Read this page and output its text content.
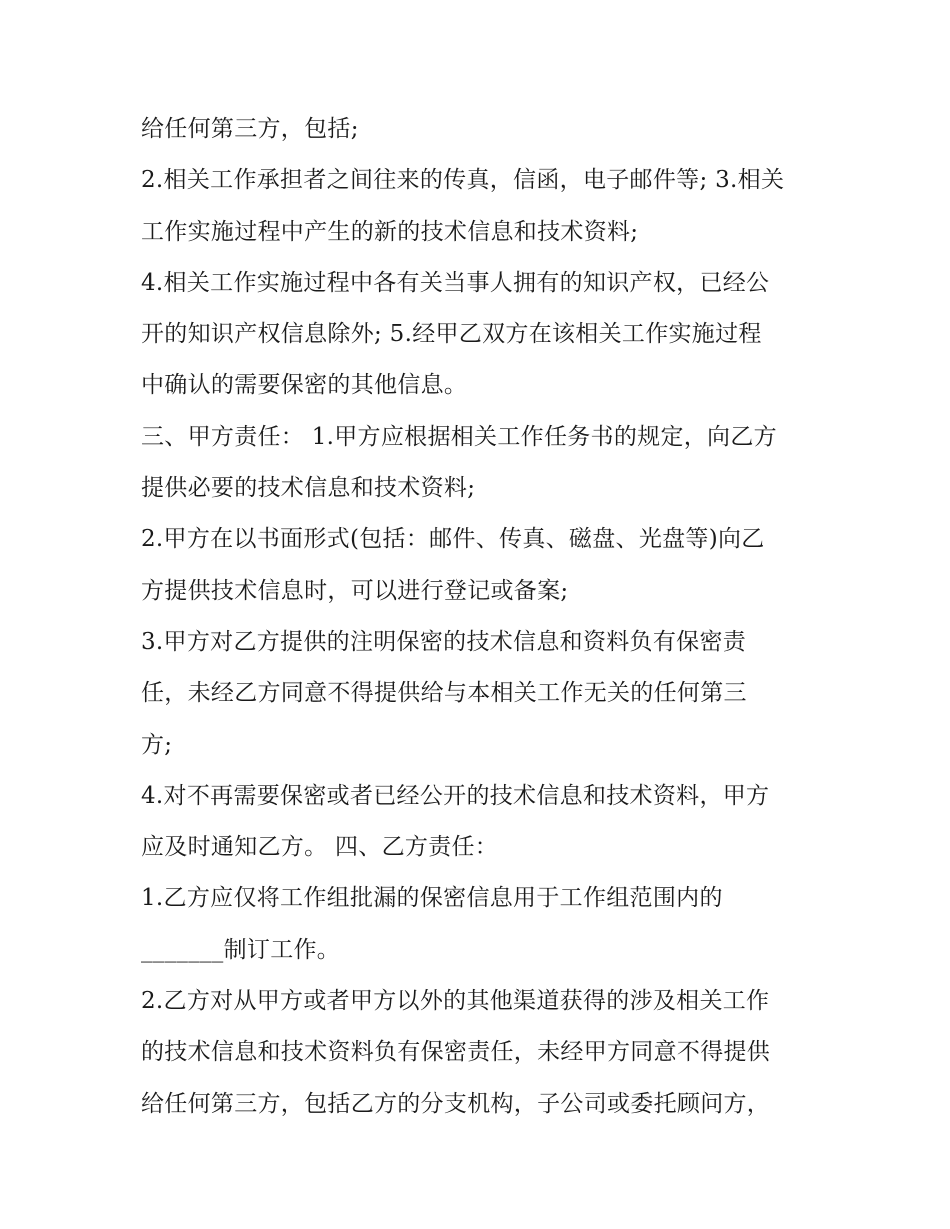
给任何第三方，包括;
2.相关工作承担者之间往来的传真，信函，电子邮件等; 3.相关
工作实施过程中产生的新的技术信息和技术资料;
4.相关工作实施过程中各有关当事人拥有的知识产权，已经公
开的知识产权信息除外; 5.经甲乙双方在该相关工作实施过程
中确认的需要保密的其他信息。
三、甲方责任： 1.甲方应根据相关工作任务书的规定，向乙方
提供必要的技术信息和技术资料;
2.甲方在以书面形式(包括：邮件、传真、磁盘、光盘等)向乙
方提供技术信息时，可以进行登记或备案;
3.甲方对乙方提供的注明保密的技术信息和资料负有保密责
任，未经乙方同意不得提供给与本相关工作无关的任何第三
方;
4.对不再需要保密或者已经公开的技术信息和技术资料，甲方
应及时通知乙方。 四、乙方责任：
1.乙方应仅将工作组批漏的保密信息用于工作组范围内的
_______制订工作。
2.乙方对从甲方或者甲方以外的其他渠道获得的涉及相关工作
的技术信息和技术资料负有保密责任，未经甲方同意不得提供
给任何第三方，包括乙方的分支机构，子公司或委托顾问方，
